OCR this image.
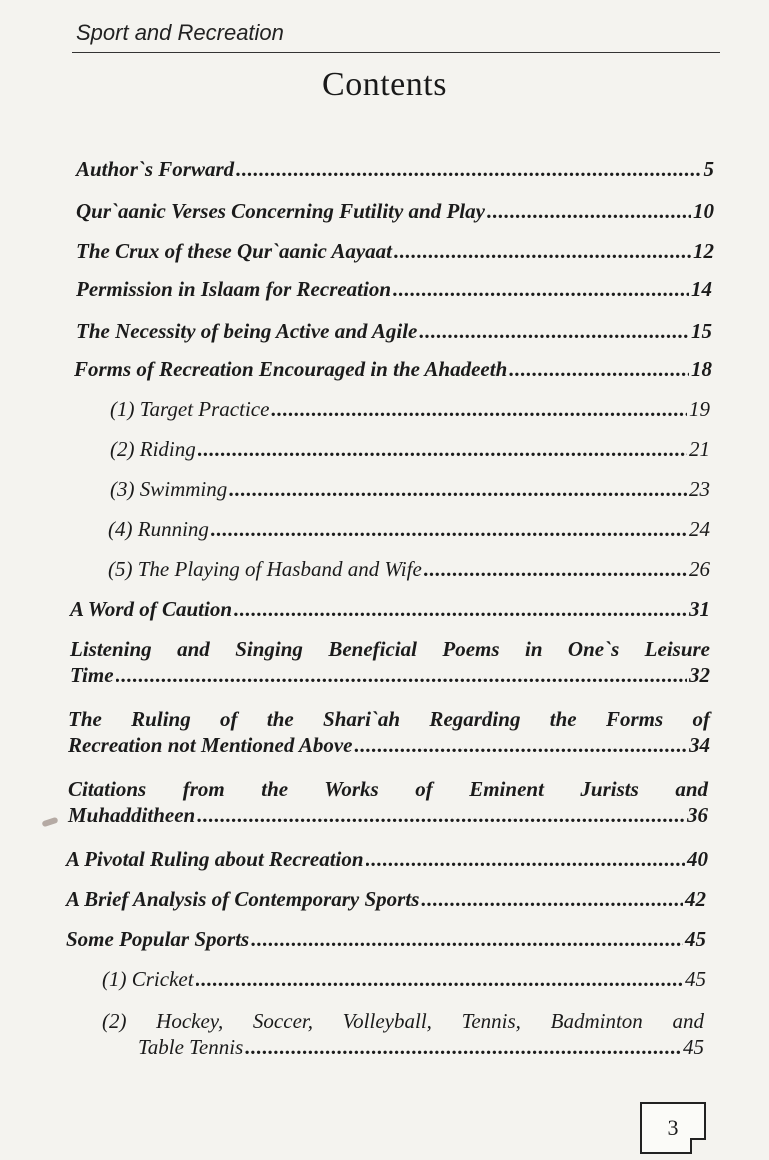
Sport and Recreation
Contents
Author`s Forward .....	5
Qur`aanic Verses Concerning Futility and Play .....	10
The Crux of these Qur`aanic Aayaat .....	12
Permission in Islaam for Recreation .....	14
The Necessity of being Active and Agile .....	15
Forms of Recreation Encouraged in the Ahadeeth .....	18
(1) Target Practice .....	19
(2) Riding .....	21
(3) Swimming .....	23
(4) Running .....	24
(5) The Playing of Hasband and Wife .....	26
A Word of Caution .....	31
Listening and Singing Beneficial Poems in One`s Leisure
Time .....	32
The Ruling of the Shari`ah Regarding the Forms of
Recreation not Mentioned Above .....	34
Citations from the Works of Eminent Jurists and
Muhadditheen .....	36
A Pivotal Ruling about Recreation .....	40
A Brief Analysis of Contemporary Sports .....	42
Some Popular Sports .....	45
(1) Cricket .....	45
(2) Hockey, Soccer, Volleyball, Tennis, Badminton and
Table Tennis .....	45
3
